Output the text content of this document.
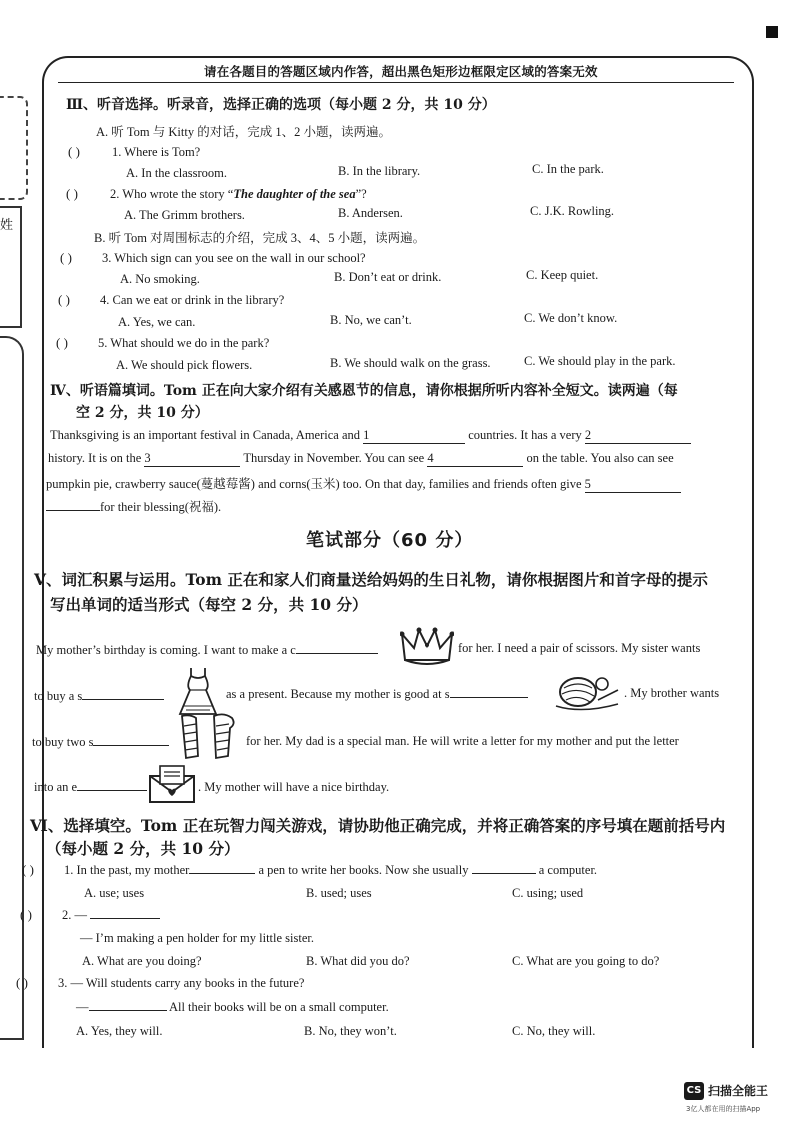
姓
请在各题目的答题区域内作答，超出黑色矩形边框限定区域的答案无效
Ⅲ、听音选择。听录音，选择正确的选项（每小题 2 分，共 10 分）
A. 听 Tom 与 Kitty 的对话，完成 1、2 小题，读两遍。
( )	1. Where is Tom?
A. In the classroom.	B. In the library.	C. In the park.
( )	2. Who wrote the story “The daughter of the sea”?
A. The Grimm brothers.	B. Andersen.	C. J.K. Rowling.
B. 听 Tom 对周围标志的介绍，完成 3、4、5 小题，读两遍。
( ) 3. Which sign can you see on the wall in our school?
A. No smoking.	B. Don’t eat or drink.	C. Keep quiet.
( ) 4. Can we eat or drink in the library?
A. Yes, we can.	B. No, we can’t.	C. We don’t know.
( ) 5. What should we do in the park?
A. We should pick flowers.	B. We should walk on the grass.	C. We should play in the park.
Ⅳ、听语篇填词。Tom 正在向大家介绍有关感恩节的信息，请你根据所听内容补全短文。读两遍（每
空 2 分，共 10 分）
Thanksgiving is an important festival in Canada, America and 1	countries. It has a very 2
history. It is on the 3	Thursday in November. You can see 4	on the table. You also can see
pumpkin pie, crawberry sauce(蔓越莓酱) and corns(玉米) too. On that day, families and friends often give 5
for their blessing(祝福).
笔试部分（60 分）
Ⅴ、词汇积累与运用。Tom 正在和家人们商量送给妈妈的生日礼物，请你根据图片和首字母的提示
写出单词的适当形式（每空 2 分，共 10 分）
My mother’s birthday is coming. I want to make a c	for her. I need a pair of scissors. My sister wants
to buy a s	as a present. Because my mother is good at s	. My brother wants
to buy two s	for her. My dad is a special man. He will write a letter for my mother and put the letter
into an e	. My mother will have a nice birthday.
Ⅵ、选择填空。Tom 正在玩智力闯关游戏，请协助他正确完成，并将正确答案的序号填在题前括号内
（每小题 2 分，共 10 分）
( ) 1. In the past, my mother	a pen to write her books. Now she usually	a computer.
A. use; uses	B. used; uses	C. using; used
( ) 2. —
— I’m making a pen holder for my little sister.
A. What are you doing?	B. What did you do?	C. What are you going to do?
( ) 3. — Will students carry any books in the future?
—	All their books will be on a small computer.
A. Yes, they will.	B. No, they won’t.	C. No, they will.
CS 扫描全能王
3亿人都在用的扫描App
